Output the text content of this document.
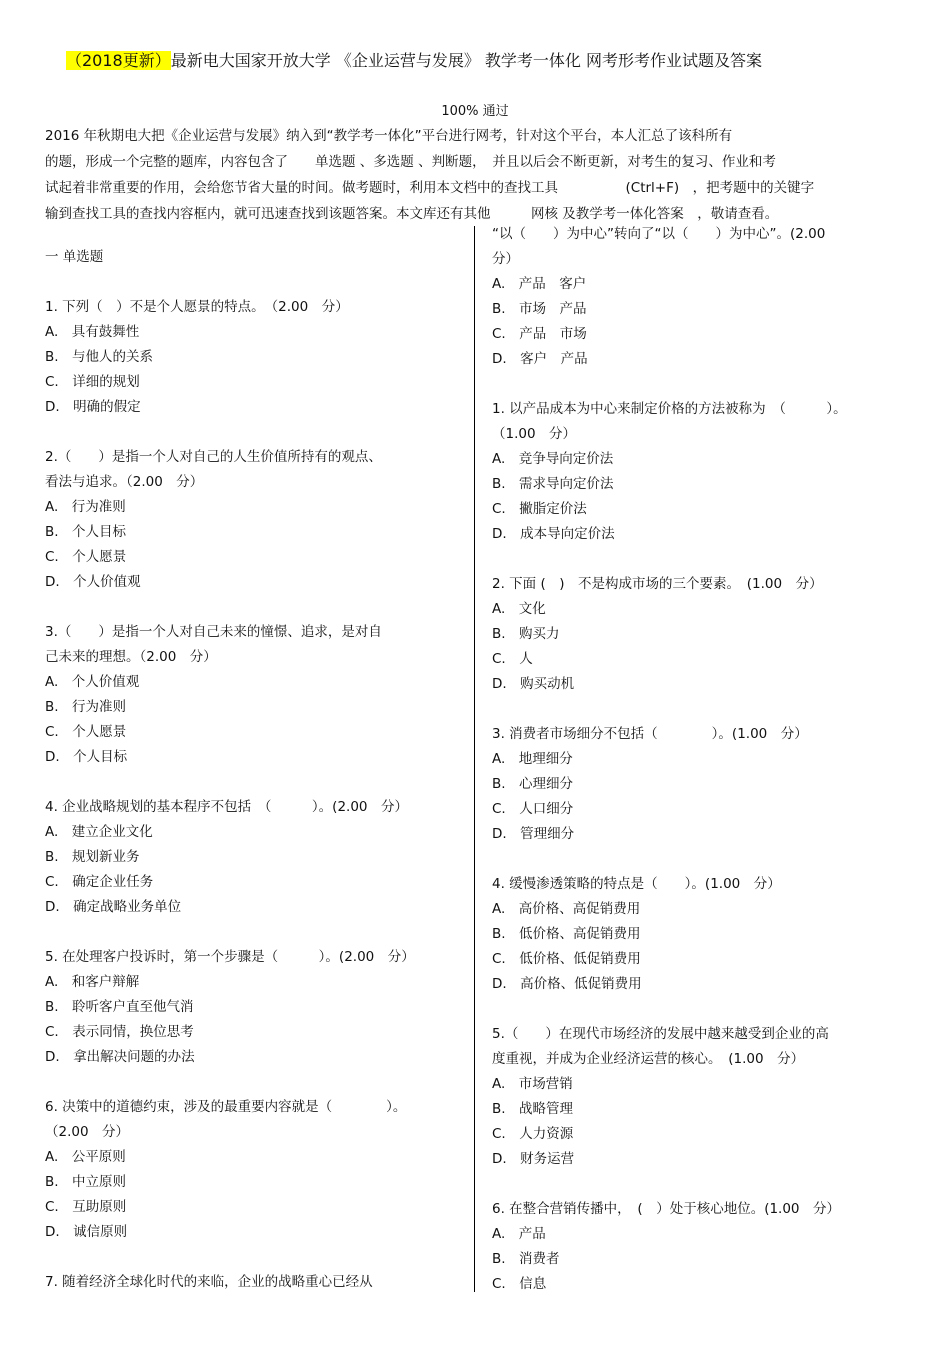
（2018更新）最新电大国家开放大学 《企业运营与发展》 教学考一体化 网考形考作业试题及答案
100% 通过
2016 年秋期电大把《企业运营与发展》纳入到“教学考一体化”平台进行网考，针对这个平台，本人汇总了该科所有
的题，形成一个完整的题库，内容包含了　　单选题 、多选题 、判断题，　并且以后会不断更新，对考生的复习、作业和考
试起着非常重要的作用，会给您节省大量的时间。做考题时，利用本文档中的查找工具　　　　　(Ctrl+F)　，把考题中的关键字
输到查找工具的查找内容框内，就可迅速查找到该题答案。本文库还有其他　　　网核 及教学考一体化答案　，敬请查看。
一 单选题
1. 下列（　）不是个人愿景的特点。　（2.00　分）
A.　具有鼓舞性
B.　与他人的关系
C.　详细的规划
D.　明确的假定
2.（　　）是指一个人对自己的人生价值所持有的观点、
看法与追求。（2.00　分）
A.　行为准则
B.　个人目标
C.　个人愿景
D.　个人价值观
3.（　　）是指一个人对自己未来的憧憬、追求，是对自
己未来的理想。（2.00　分）
A.　个人价值观
B.　行为准则
C.　个人愿景
D.　个人目标
4. 企业战略规划的基本程序不包括　（　　　）。(2.00　分）
A.　建立企业文化
B.　规划新业务
C.　确定企业任务
D.　确定战略业务单位
5. 在处理客户投诉时，第一个步骤是（　　　）。(2.00　分）
A.　和客户辩解
B.　聆听客户直至他气消
C.　表示同情，换位思考
D.　拿出解决问题的办法
6. 决策中的道德约束，涉及的最重要内容就是（　　　　）。
（2.00　分）
A.　公平原则
B.　中立原则
C.　互助原则
D.　诚信原则
7. 随着经济全球化时代的来临，企业的战略重心已经从
“以（　　）为中心”转向了“以（　　）为中心”。(2.00
分）
A.　产品　客户
B.　市场　产品
C.　产品　市场
D.　客户　产品
1. 以产品成本为中心来制定价格的方法被称为　（　　　）。
（1.00　分）
A.　竞争导向定价法
B.　需求导向定价法
C.　撇脂定价法
D.　成本导向定价法
2. 下面 (　)　不是构成市场的三个要素。　(1.00　分）
A.　文化
B.　购买力
C.　人
D.　购买动机
3. 消费者市场细分不包括（　　　　）。(1.00　分）
A.　地理细分
B.　心理细分
C.　人口细分
D.　管理细分
4. 缓慢渗透策略的特点是（　　）。(1.00　分）
A.　高价格、高促销费用
B.　低价格、高促销费用
C.　低价格、低促销费用
D.　高价格、低促销费用
5.（　　）在现代市场经济的发展中越来越受到企业的高
度重视，并成为企业经济运营的核心。　(1.00　分）
A.　市场营销
B.　战略管理
C.　人力资源
D.　财务运营
6. 在整合营销传播中，　(　）处于核心地位。(1.00　分）
A.　产品
B.　消费者
C.　信息
